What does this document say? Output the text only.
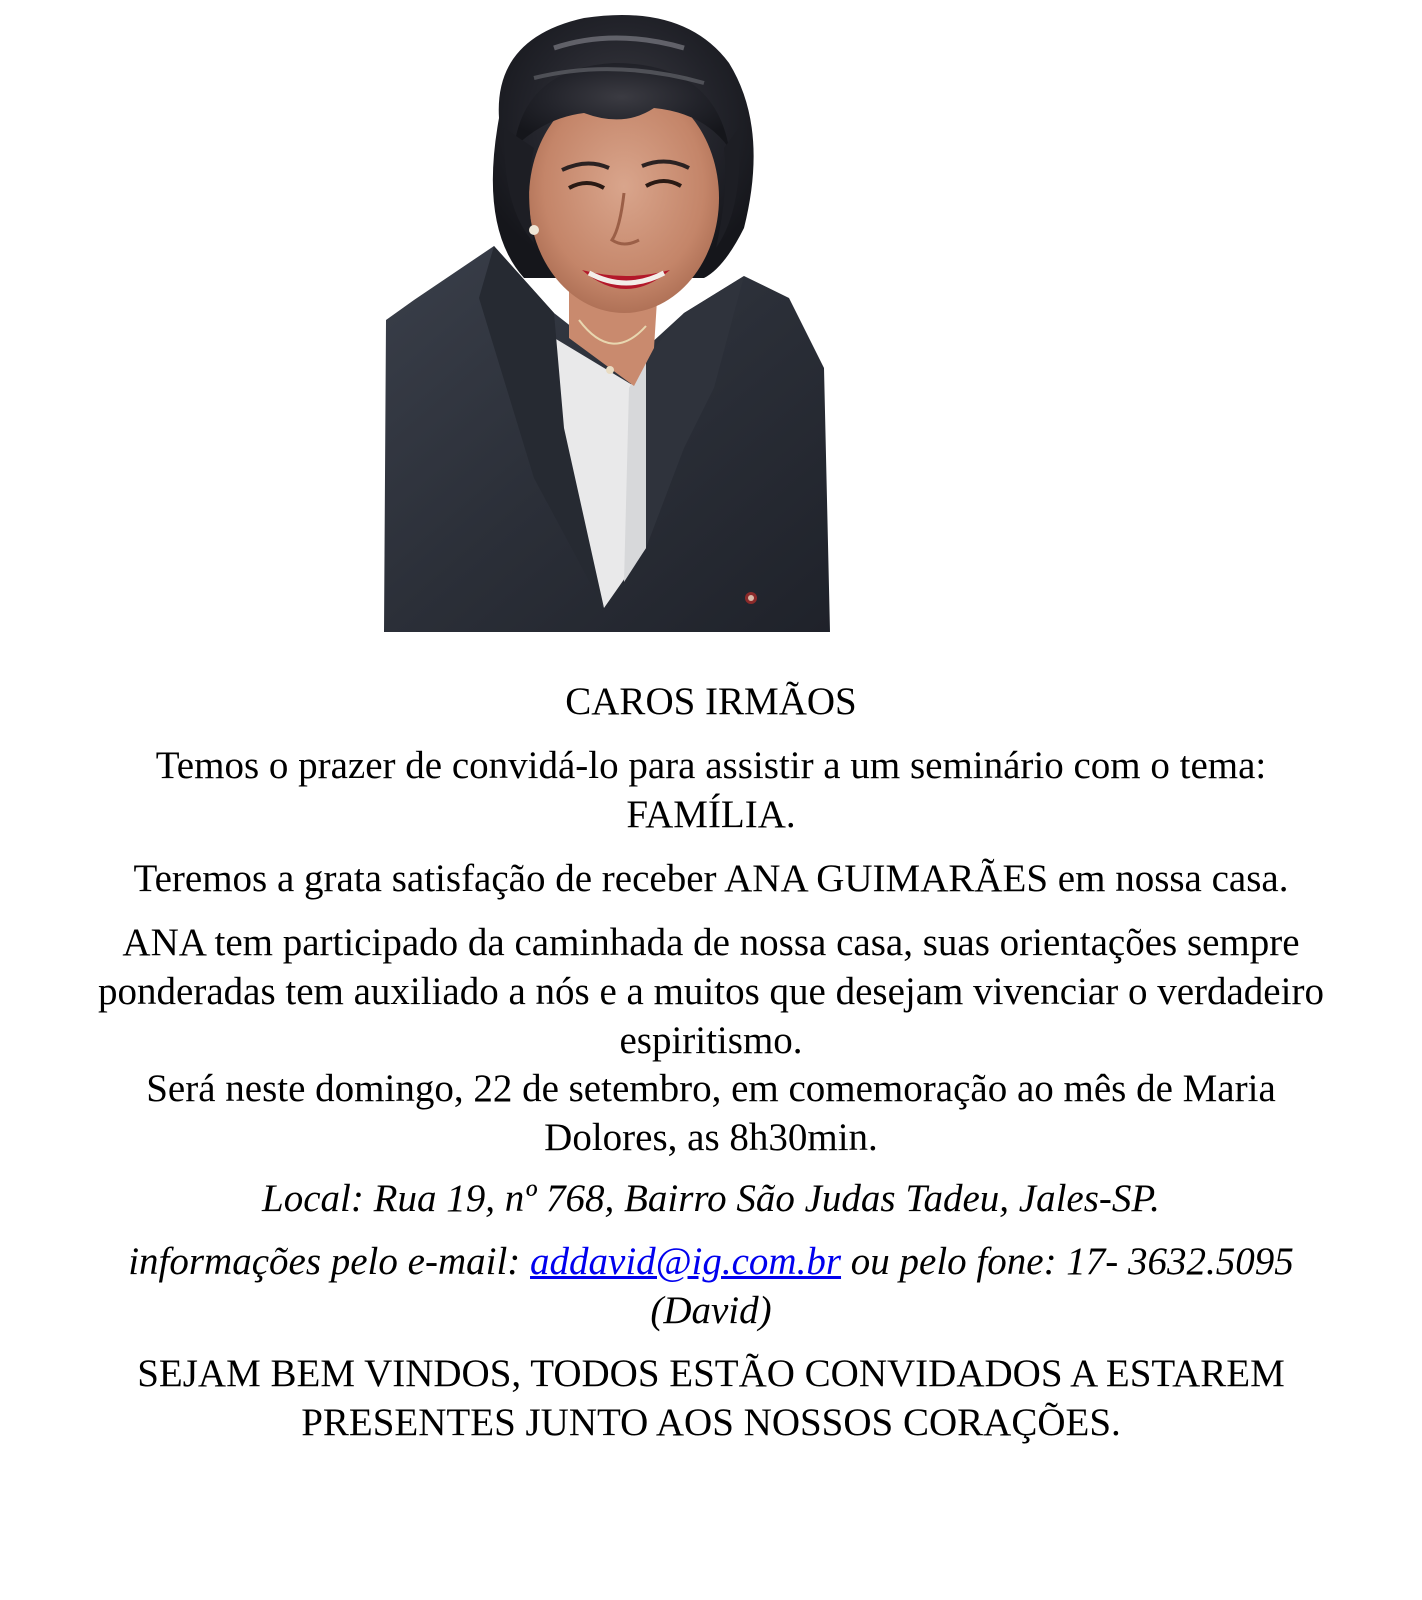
CAROS IRMÃOS
Temos o prazer de convidá-lo para assistir a um seminário com o tema:
FAMÍLIA.
Teremos a grata satisfação de receber ANA GUIMARÃES em nossa casa.
ANA tem participado da caminhada de nossa casa, suas orientações sempre
ponderadas tem auxiliado a nós e a muitos que desejam vivenciar o verdadeiro
espiritismo.
Será neste domingo, 22 de setembro, em comemoração ao mês de Maria
Dolores, as 8h30min.
Local: Rua 19, nº 768, Bairro São Judas Tadeu, Jales-SP.
informações pelo e-mail: addavid@ig.com.br ou pelo fone: 17- 3632.5095
(David)
SEJAM BEM VINDOS, TODOS ESTÃO CONVIDADOS A ESTAREM
PRESENTES JUNTO AOS NOSSOS CORAÇÕES.
